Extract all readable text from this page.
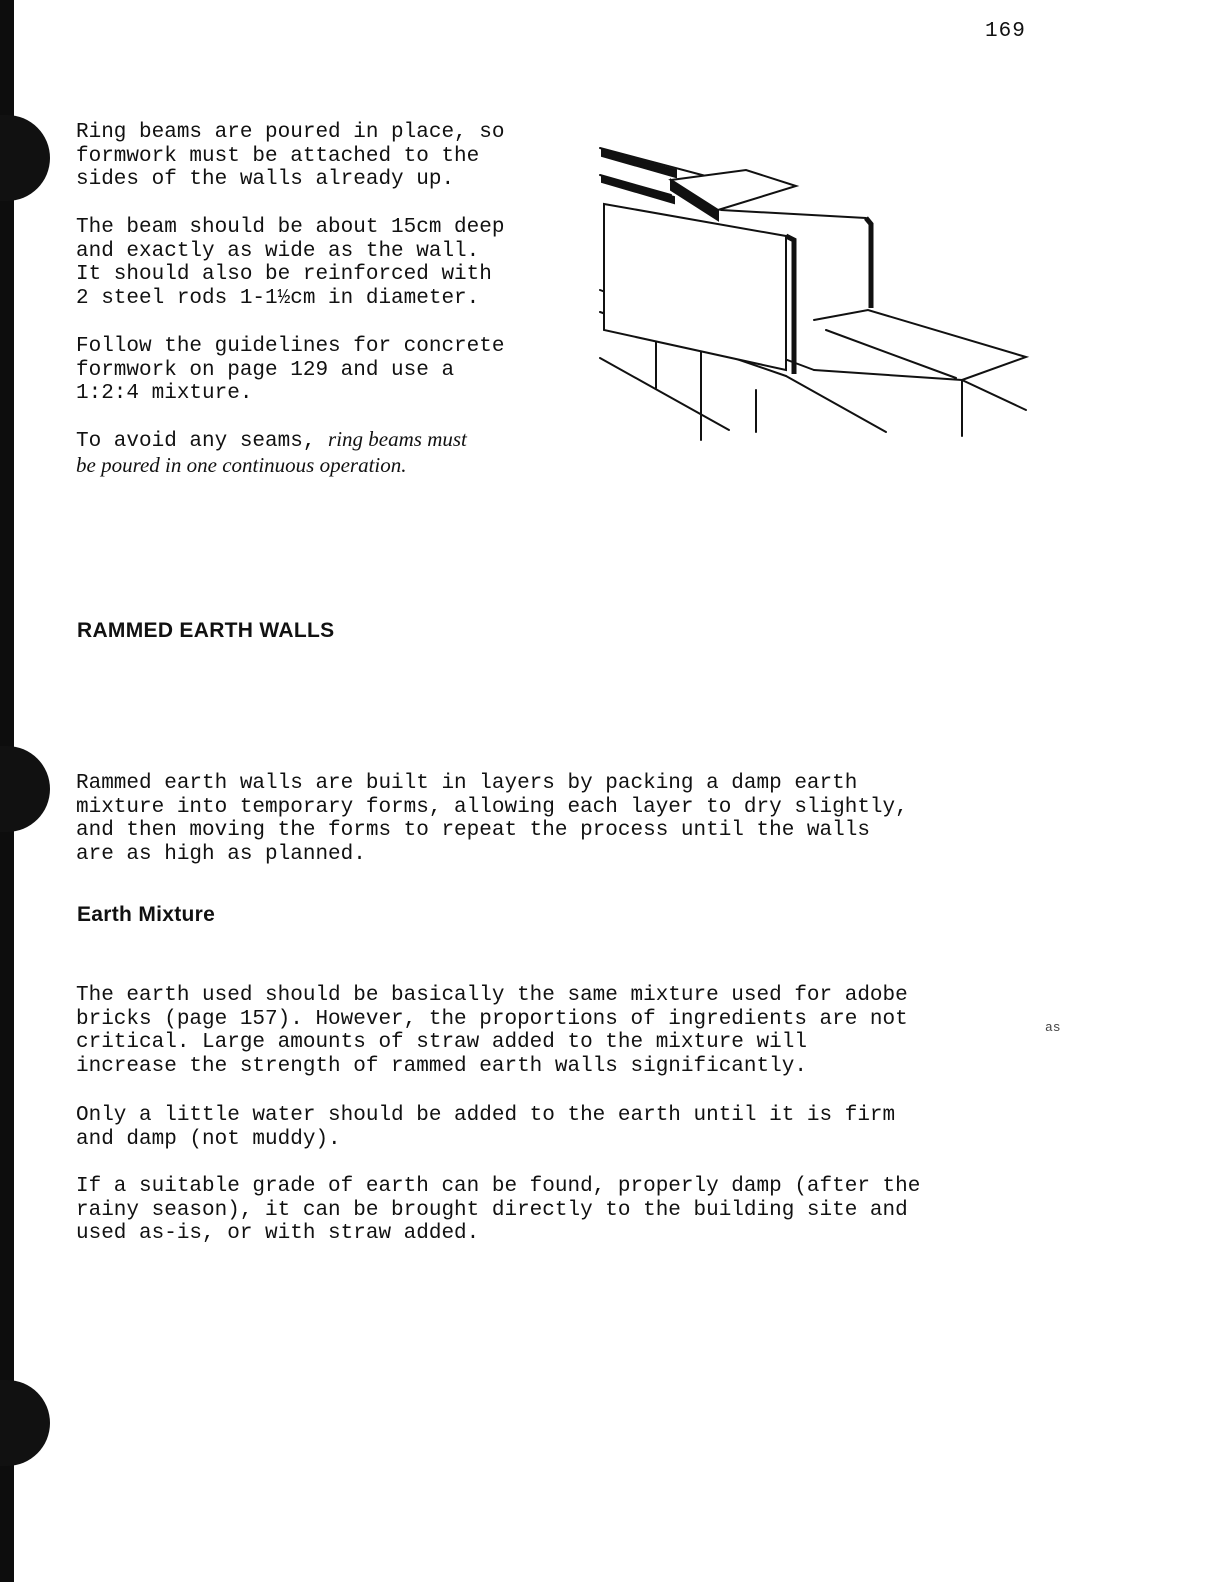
169

Ring beams are poured in place, so
formwork must be attached to the
sides of the walls already up.

The beam should be about 15cm deep
and exactly as wide as the wall.
It should also be reinforced with
2 steel rods 1-1½cm in diameter.

Follow the guidelines for concrete
formwork on page 129 and use a
1:2:4 mixture.

To avoid any seams, ring beams must
be poured in one continuous operation.

RAMMED EARTH WALLS

Rammed earth walls are built in layers by packing a damp earth
mixture into temporary forms, allowing each layer to dry slightly,
and then moving the forms to repeat the process until the walls
are as high as planned.

Earth Mixture

The earth used should be basically the same mixture used for adobe
bricks (page 157). However, the proportions of ingredients are not
critical. Large amounts of straw added to the mixture will
increase the strength of rammed earth walls significantly.

as

Only a little water should be added to the earth until it is firm
and damp (not muddy).

If a suitable grade of earth can be found, properly damp (after the
rainy season), it can be brought directly to the building site and
used as-is, or with straw added.
